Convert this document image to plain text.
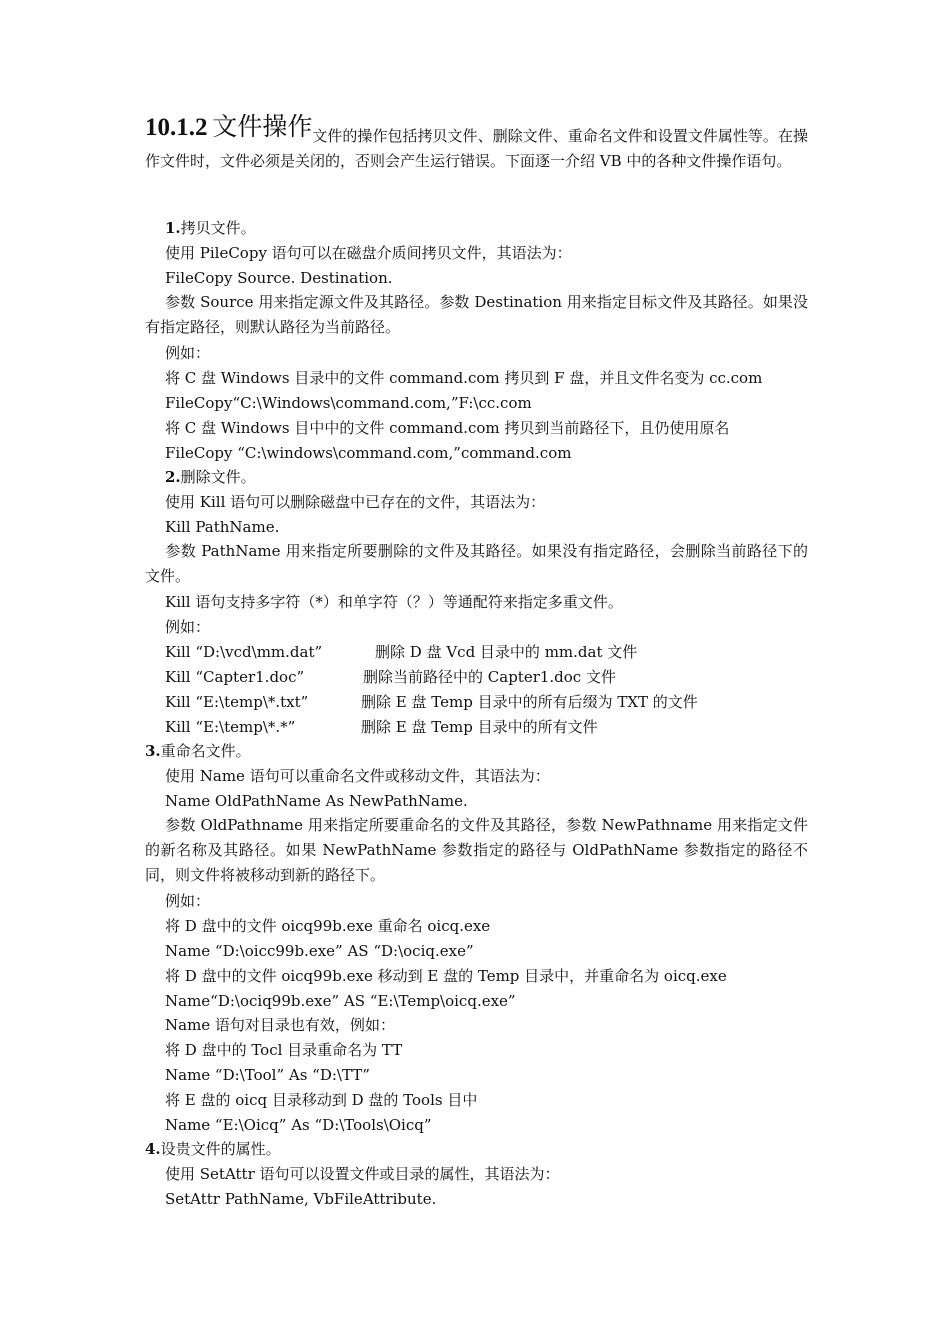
10.1.2 文件操作文件的操作包括拷贝文件、删除文件、重命名文件和设置文件属性等。在操作文件时，文件必须是关闭的，否则会产生运行错误。下面逐一介绍 VB 中的各种文件操作语句。
1.拷贝文件。
使用 PileCopy 语句可以在磁盘介质间拷贝文件，其语法为：
FileCopy Source. Destination.
参数 Source 用来指定源文件及其路径。参数 Destination 用来指定目标文件及其路径。如果没有指定路径，则默认路径为当前路径。
例如：
将 C 盘 Windows 目录中的文件 command.com 拷贝到 F 盘，并且文件名变为 cc.com
FileCopy“C:\Windows\command.com,”F:\cc.com
将 C 盘 Windows 目中中的文件 command.com 拷贝到当前路径下，且仍使用原名
FileCopy “C:\windows\command.com,”command.com
2.删除文件。
使用 Kill 语句可以删除磁盘中已存在的文件，其语法为：
Kill PathName.
参数 PathName 用来指定所要删除的文件及其路径。如果没有指定路径，会删除当前路径下的文件。
Kill 语句支持多字符（*）和单字符（？）等通配符来指定多重文件。
例如：
Kill “D:\vcd\mm.dat”	删除 D 盘 Vcd 目录中的 mm.dat 文件
Kill “Capter1.doc”	删除当前路径中的 Capter1.doc 文件
Kill “E:\temp\*.txt”	删除 E 盘 Temp 目录中的所有后缀为 TXT 的文件
Kill “E:\temp\*.*”	删除 E 盘 Temp 目录中的所有文件
3.重命名文件。
使用 Name 语句可以重命名文件或移动文件，其语法为：
Name OldPathName As NewPathName.
参数 OldPathname 用来指定所要重命名的文件及其路径，参数 NewPathname 用来指定文件的新名称及其路径。如果 NewPathName 参数指定的路径与 OldPathName 参数指定的路径不同，则文件将被移动到新的路径下。
例如：
将 D 盘中的文件 oicq99b.exe 重命名 oicq.exe
Name “D:\oicc99b.exe” AS “D:\ociq.exe”
将 D 盘中的文件 oicq99b.exe 移动到 E 盘的 Temp 目录中，并重命名为 oicq.exe
Name“D:\ociq99b.exe” AS “E:\Temp\oicq.exe”
Name 语句对目录也有效，例如：
将 D 盘中的 Tocl 目录重命名为 TT
Name “D:\Tool” As “D:\TT”
将 E 盘的 oicq 目录移动到 D 盘的 Tools 目中
Name “E:\Oicq” As “D:\Tools\Oicq”
4.设贵文件的属性。
使用 SetAttr 语句可以设置文件或目录的属性，其语法为：
SetAttr PathName, VbFileAttribute.
